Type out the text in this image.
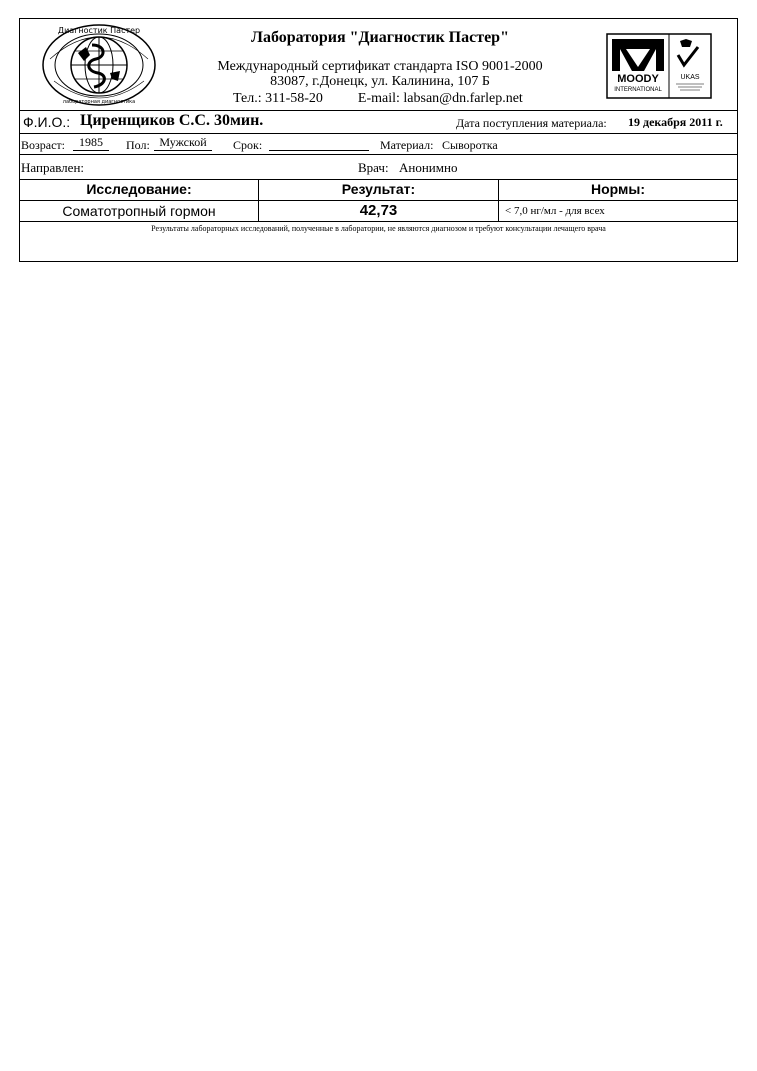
Диагностик Пастер
лабораторная диагностика
Лаборатория "Диагностик Пастер"
Международный сертификат стандарта ISO 9001-2000
83087, г.Донецк, ул. Калинина, 107 Б
Тел.: 311-58-20	E-mail: labsan@dn.farlep.net
MOODY
INTERNATIONAL
UKAS
Ф.И.О.: Циренщиков С.С. 30мин.	Дата поступления материала: 19 декабря 2011 г.
Возраст:	1985	Пол: Мужской	Срок:	Материал: Сыворотка
Направлен:	Врач: Анонимно
Исследование:	Результат:	Нормы:
Соматотропный гормон	42,73	< 7,0 нг/мл - для всех
Результаты лабораторных исследований, полученные в лаборатории, не являются диагнозом и требуют консультации лечащего врача
